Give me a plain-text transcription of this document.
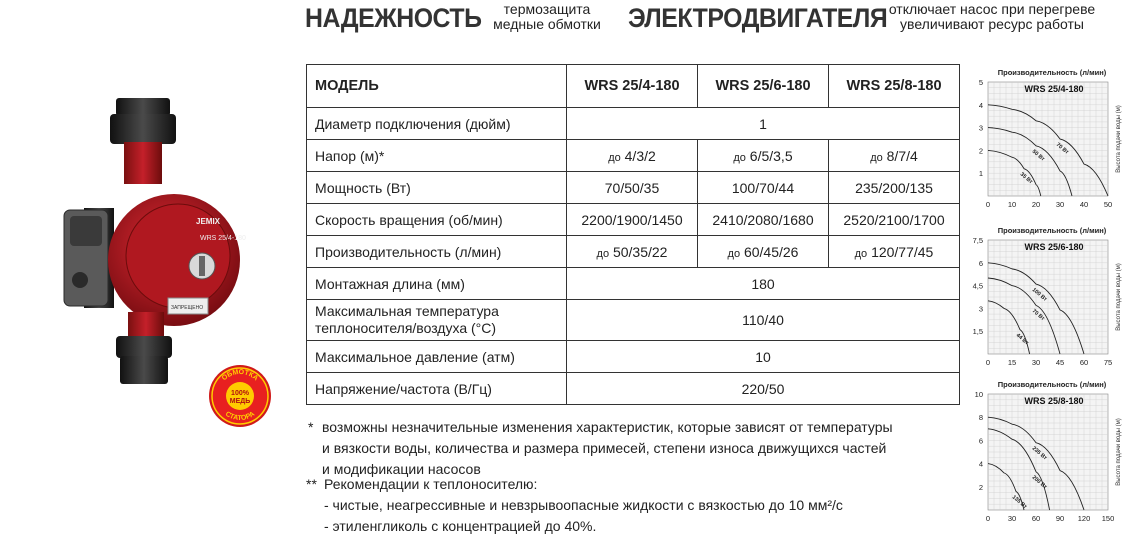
НАДЕЖНОСТЬ	термозащита
медные обмотки	ЭЛЕКТРОДВИГАТЕЛЯ отключает насос при перегреве
увеличивают ресурс работы
WRS 25/4-180
ЗАПРЕЩЕНО
JEMIX
ОБМОТКА
СТАТОРА
100%
МЕДЬ
МОДЕЛЬ	WRS 25/4-180	WRS 25/6-180	WRS 25/8-180
Диаметр подключения (дюйм)	1		
Напор (м)*	до 4/3/2	до 6/5/3,5	до 8/7/4
Мощность (Вт)	70/50/35	100/70/44	235/200/135
Скорость вращения (об/мин)	2200/1900/1450	2410/2080/1680	2520/2100/1700
Производительность (л/мин)	до 50/35/22	до 60/45/26	до 120/77/45
Монтажная длина (мм)	180		
Максимальная температура
теплоносителя/воздуха (°С)	110/40		
Максимальное давление (атм)	10		
Напряжение/частота (В/Гц)	220/50		
* возможны незначительные изменения характеристик, которые зависят от температуры
и вязкости воды, количества и размера примесей, степени износа движущихся частей
и модификации насосов
** Рекомендации к теплоносителю:
- чистые, неагрессивные и невзрывоопасные жидкости с вязкостью до 10 мм²/с
- этиленгликоль с концентрацией до 40%.
Производительность (л/мин)
WRS 25/4-180
0 10 20 30 40 50
1
2
3
4
5
Высота подачи воды (м)
70 Вт
50 Вт
35 Вт
Производительность (л/мин)
WRS 25/6-180
0 15 30 45 60 75
1,5
3
4,5
6
7,5
Высота подачи воды (м)
100 Вт
70 Вт
44 Вт
Производительность (л/мин)
WRS 25/8-180
0 30 60 90 120 150
2
4
6
8
10
Высота подачи воды (м)
235 Вт
200 Вт
135 Вт
